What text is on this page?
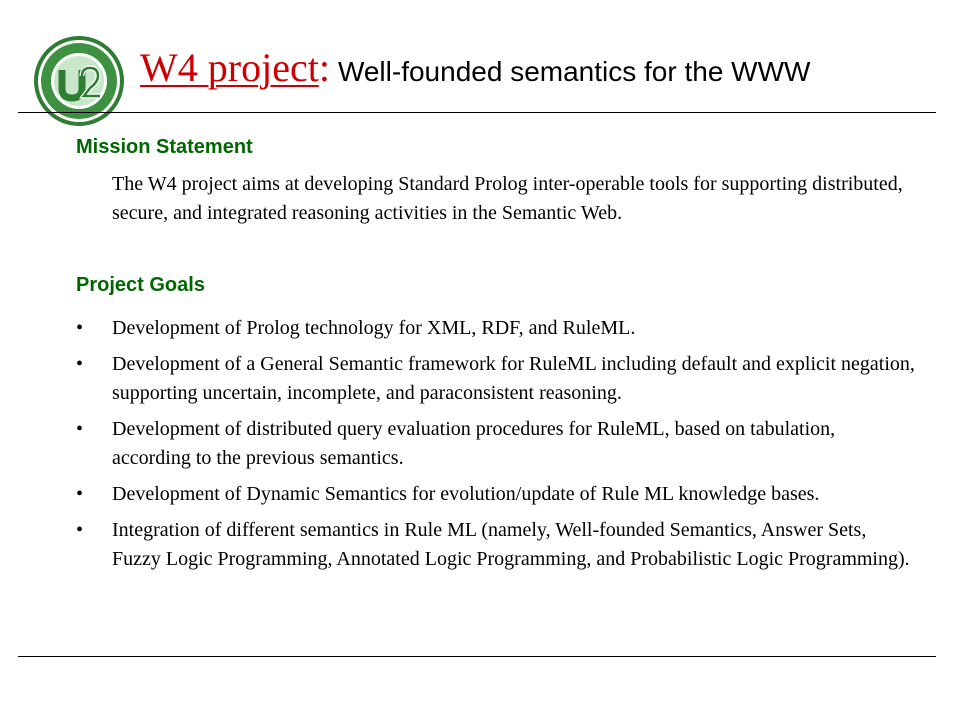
W4 project: Well-founded semantics for the WWW
Mission Statement
The W4 project aims at developing Standard Prolog inter-operable tools for supporting distributed, secure, and integrated reasoning activities in the Semantic Web.
Project Goals
• Development of Prolog technology for XML, RDF, and RuleML.
• Development of a General Semantic framework for RuleML including default and explicit negation, supporting uncertain, incomplete, and paraconsistent reasoning.
• Development of distributed query evaluation procedures for RuleML, based on tabulation, according to the previous semantics.
• Development of Dynamic Semantics for evolution/update of Rule ML knowledge bases.
• Integration of different semantics in Rule ML (namely, Well-founded Semantics, Answer Sets, Fuzzy Logic Programming, Annotated Logic Programming, and Probabilistic Logic Programming).
